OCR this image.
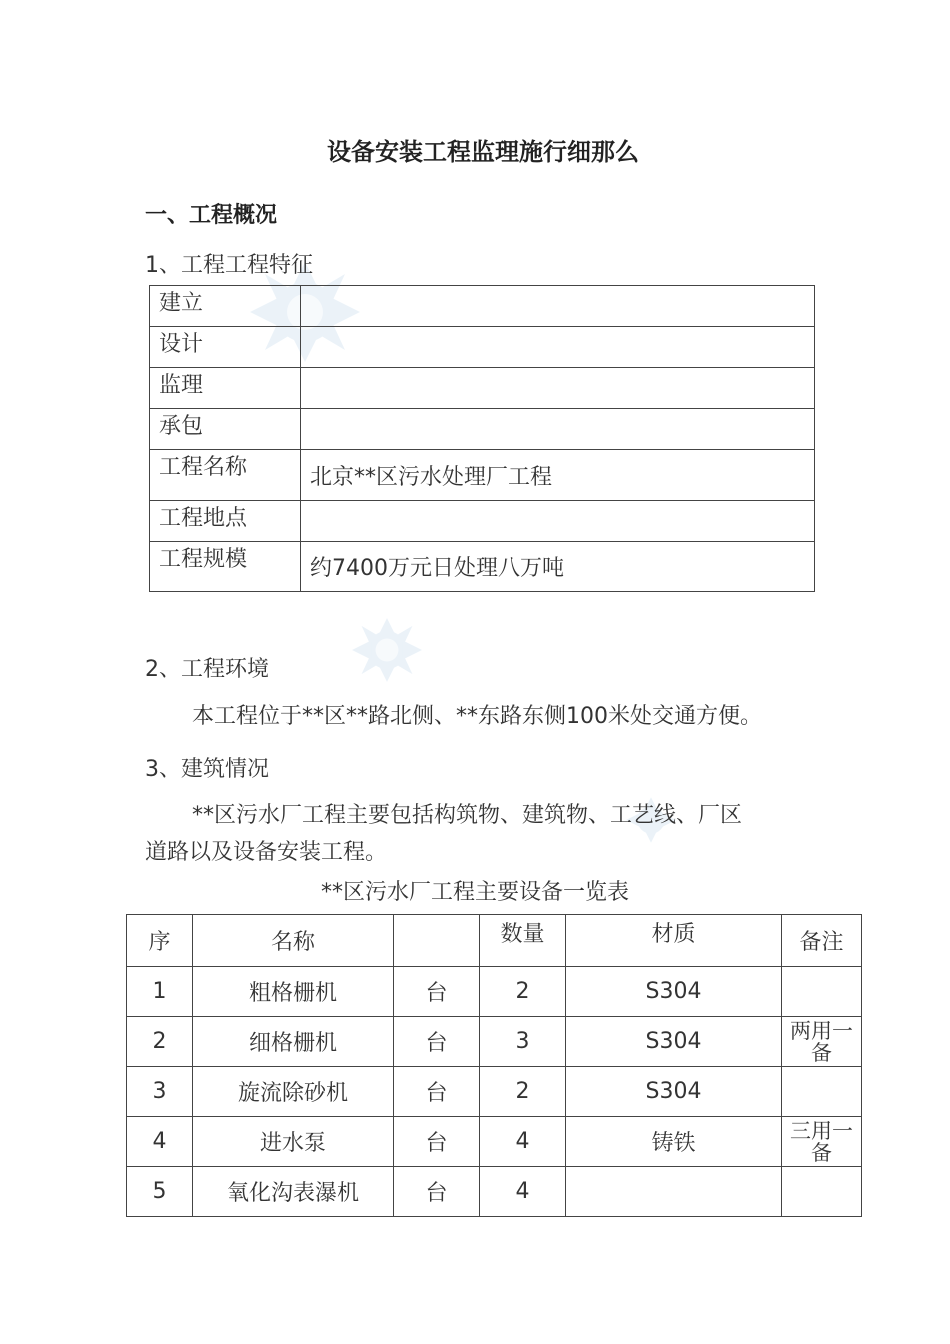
设备安装工程监理施行细那么
一、工程概况
1、工程工程特征
建立	
设计	
监理	
承包	
工程名称	北京**区污水处理厂工程
工程地点	
工程规模	约7400万元日处理八万吨
2、工程环境
本工程位于**区**路北侧、**东路东侧100米处交通方便。
3、建筑情况
**区污水厂工程主要包括构筑物、建筑物、工艺线、厂区
道路以及设备安装工程。
**区污水厂工程主要设备一览表
序	名称		数量	材质	备注
1	粗格栅机	台	2	S304	
2	细格栅机	台	3	S304	两用一备
3	旋流除砂机	台	2	S304	
4	进水泵	台	4	铸铁	三用一备
5	氧化沟表瀑机	台	4		
